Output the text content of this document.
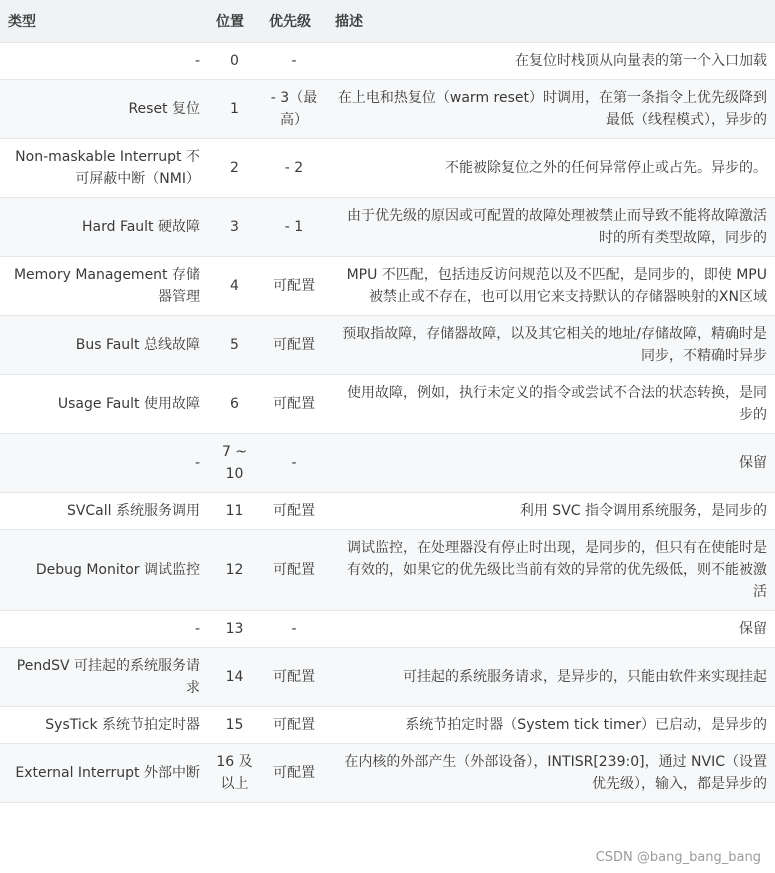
类型	位置	优先级	描述
-	0	-	在复位时栈顶从向量表的第一个入口加载
Reset 复位	1	- 3（最高）	在上电和热复位（warm reset）时调用，在第一条指令上优先级降到最低（线程模式），异步的
Non-maskable Interrupt 不可屏蔽中断（NMI）	2	- 2	不能被除复位之外的任何异常停止或占先。异步的。
Hard Fault 硬故障	3	- 1	由于优先级的原因或可配置的故障处理被禁止而导致不能将故障激活时的所有类型故障，同步的
Memory Management 存储器管理	4	可配置	MPU 不匹配，包括违反访问规范以及不匹配，是同步的，即使 MPU 被禁止或不存在，也可以用它来支持默认的存储器映射的XN区域
Bus Fault 总线故障	5	可配置	预取指故障，存储器故障，以及其它相关的地址/存储故障，精确时是同步，不精确时异步
Usage Fault 使用故障	6	可配置	使用故障，例如，执行未定义的指令或尝试不合法的状态转换，是同步的
-	7 ~ 10	-	保留
SVCall 系统服务调用	11	可配置	利用 SVC 指令调用系统服务，是同步的
Debug Monitor 调试监控	12	可配置	调试监控，在处理器没有停止时出现，是同步的，但只有在使能时是有效的，如果它的优先级比当前有效的异常的优先级低，则不能被激活
-	13	-	保留
PendSV 可挂起的系统服务请求	14	可配置	可挂起的系统服务请求，是异步的，只能由软件来实现挂起
SysTick 系统节拍定时器	15	可配置	系统节拍定时器（System tick timer）已启动，是异步的
External Interrupt 外部中断	16 及以上	可配置	在内核的外部产生（外部设备），INTISR[239:0]，通过 NVIC（设置优先级），输入，都是异步的
CSDN @bang_bang_bang
